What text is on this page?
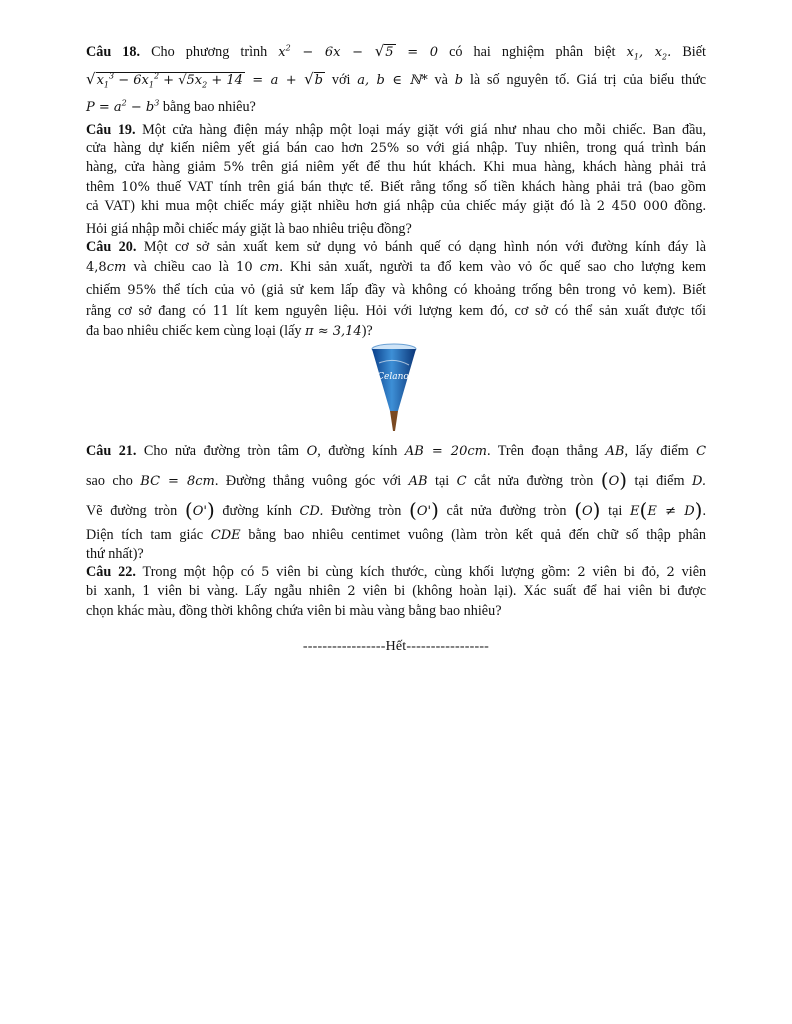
Câu 18. Cho phương trình $x^2 - 6x - √5 = 0$ có hai nghiệm phân biệt $x_1$, $x_2$. Biết
$√x_1^3 - 6x_1^2 + √5x_2 + 14 = a + √b$ với a, b ∈ ℕ* và b là số nguyên tố. Giá trị của biểu thức
$P = a^2 - b^3$ bằng bao nhiêu?
Câu 19. Một cửa hàng điện máy nhập một loại máy giặt với giá như nhau cho mỗi chiếc. Ban đầu,
cửa hàng dự kiến niêm yết giá bán cao hơn 25% so với giá nhập. Tuy nhiên, trong quá trình bán
hàng, cửa hàng giảm 5% trên giá niêm yết để thu hút khách. Khi mua hàng, khách hàng phải trả
thêm 10% thuế VAT tính trên giá bán thực tế. Biết rằng tổng số tiền khách hàng phải trả (bao gồm
cả VAT) khi mua một chiếc máy giặt nhiều hơn giá nhập của chiếc máy giặt đó là 2 450 000 đồng.
Hỏi giá nhập mỗi chiếc máy giặt là bao nhiêu triệu đồng?
Câu 20. Một cơ sở sản xuất kem sử dụng vỏ bánh quế có dạng hình nón với đường kính đáy là
4,8cm và chiều cao là 10 cm. Khi sản xuất, người ta đổ kem vào vỏ ốc quế sao cho lượng kem
chiếm 95% thể tích của vỏ (giả sử kem lấp đầy và không có khoảng trống bên trong vỏ kem). Biết
rằng cơ sở đang có 11 lít kem nguyên liệu. Hỏi với lượng kem đó, cơ sở có thể sản xuất được tối
đa bao nhiêu chiếc kem cùng loại (lấy π ≈ 3,14)?
Celano
Câu 21. Cho nửa đường tròn tâm O, đường kính AB = 20cm. Trên đoạn thẳng AB, lấy điểm C
sao cho BC = 8cm. Đường thẳng vuông góc với AB tại C cắt nửa đường tròn (O) tại điểm D.
Vẽ đường tròn (O') đường kính CD. Đường tròn (O') cắt nửa đường tròn (O) tại E(E ≠ D).
Diện tích tam giác CDE bằng bao nhiêu centimet vuông (làm tròn kết quả đến chữ số thập phân
thứ nhất)?
Câu 22. Trong một hộp có 5 viên bi cùng kích thước, cùng khối lượng gồm: 2 viên bi đỏ, 2 viên
bi xanh, 1 viên bi vàng. Lấy ngẫu nhiên 2 viên bi (không hoàn lại). Xác suất để hai viên bi được
chọn khác màu, đồng thời không chứa viên bi màu vàng bằng bao nhiêu?
-----------------Hết-----------------
